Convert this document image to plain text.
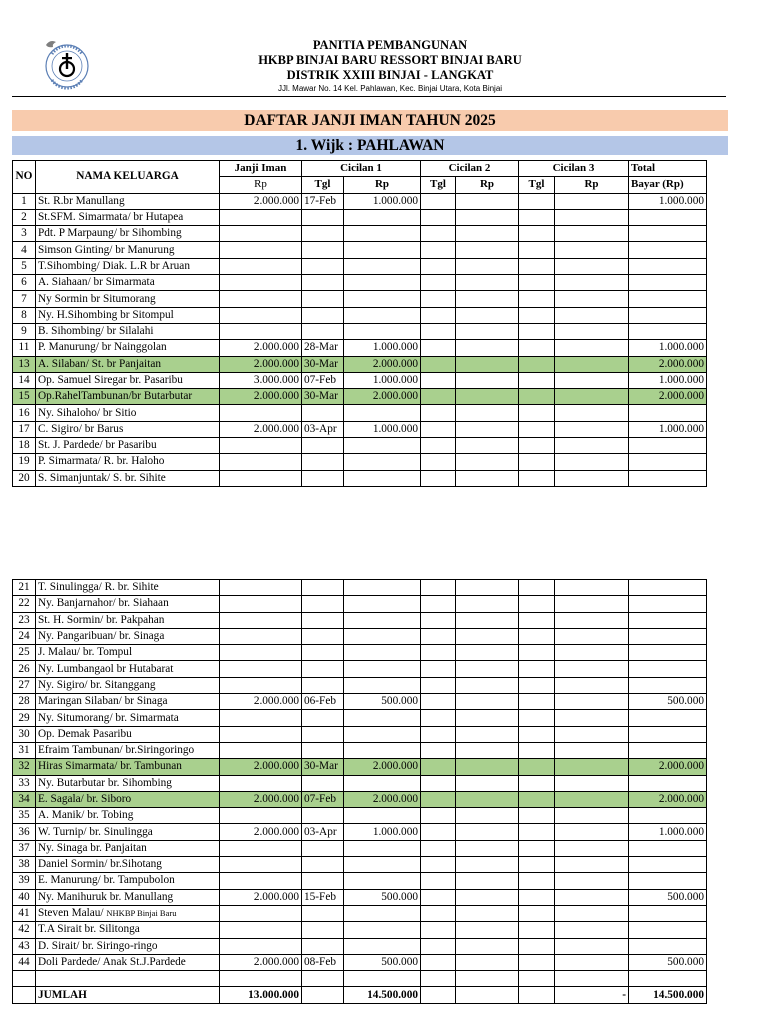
PANITIA PEMBANGUNAN
HKBP BINJAI BARU RESSORT BINJAI BARU
DISTRIK XXIII BINJAI - LANGKAT
JJl. Mawar No. 14 Kel. Pahlawan, Kec. Binjai Utara, Kota Binjai
DAFTAR JANJI IMAN TAHUN 2025
1. Wijk : PAHLAWAN
NO	NAMA KELUARGA	Janji Iman	Cicilan 1		Cicilan 2		Cicilan 3		Total
		Rp	Tgl	Rp	Tgl	Rp	Tgl	Rp	Bayar (Rp)
1	St. R.br Manullang	2.000.000	17-Feb	1.000.000					1.000.000
2	St.SFM. Simarmata/ br Hutapea								
3	Pdt. P Marpaung/ br Sihombing								
4	Simson Ginting/ br Manurung								
5	T.Sihombing/ Diak. L.R br Aruan								
6	A. Siahaan/ br Simarmata								
7	Ny Sormin br Situmorang								
8	Ny. H.Sihombing br Sitompul								
9	B. Sihombing/ br Silalahi								
11	P. Manurung/ br Nainggolan	2.000.000	28-Mar	1.000.000					1.000.000
13	A. Silaban/ St. br Panjaitan	2.000.000	30-Mar	2.000.000					2.000.000
14	Op. Samuel Siregar br. Pasaribu	3.000.000	07-Feb	1.000.000					1.000.000
15	Op.RahelTambunan/br Butarbutar	2.000.000	30-Mar	2.000.000					2.000.000
16	Ny. Sihaloho/ br Sitio								
17	C. Sigiro/ br Barus	2.000.000	03-Apr	1.000.000					1.000.000
18	St. J. Pardede/ br Pasaribu								
19	P. Simarmata/ R. br. Haloho								
20	S. Simanjuntak/ S. br. Sihite								
21	T. Sinulingga/ R. br. Sihite								
22	Ny. Banjarnahor/ br. Siahaan								
23	St. H. Sormin/ br. Pakpahan								
24	Ny. Pangaribuan/ br. Sinaga								
25	J. Malau/ br. Tompul								
26	Ny. Lumbangaol br Hutabarat								
27	Ny. Sigiro/ br. Sitanggang								
28	Maringan Silaban/ br Sinaga	2.000.000	06-Feb	500.000					500.000
29	Ny. Situmorang/ br. Simarmata								
30	Op. Demak Pasaribu								
31	Efraim Tambunan/ br.Siringoringo								
32	Hiras Simarmata/ br. Tambunan	2.000.000	30-Mar	2.000.000					2.000.000
33	Ny. Butarbutar br. Sihombing								
34	E. Sagala/ br. Siboro	2.000.000	07-Feb	2.000.000					2.000.000
35	A. Manik/ br. Tobing								
36	W. Turnip/ br. Sinulingga	2.000.000	03-Apr	1.000.000					1.000.000
37	Ny. Sinaga br. Panjaitan								
38	Daniel Sormin/ br.Sihotang								
39	E. Manurung/ br. Tampubolon								
40	Ny. Manihuruk br. Manullang	2.000.000	15-Feb	500.000					500.000
41	Steven Malau/ NHKBP Binjai Baru								
42	T.A Sirait br. Silitonga								
43	D. Sirait/ br. Siringo-ringo								
44	Doli Pardede/ Anak St.J.Pardede	2.000.000	08-Feb	500.000					500.000

	JUMLAH	13.000.000		14.500.000				-	14.500.000
